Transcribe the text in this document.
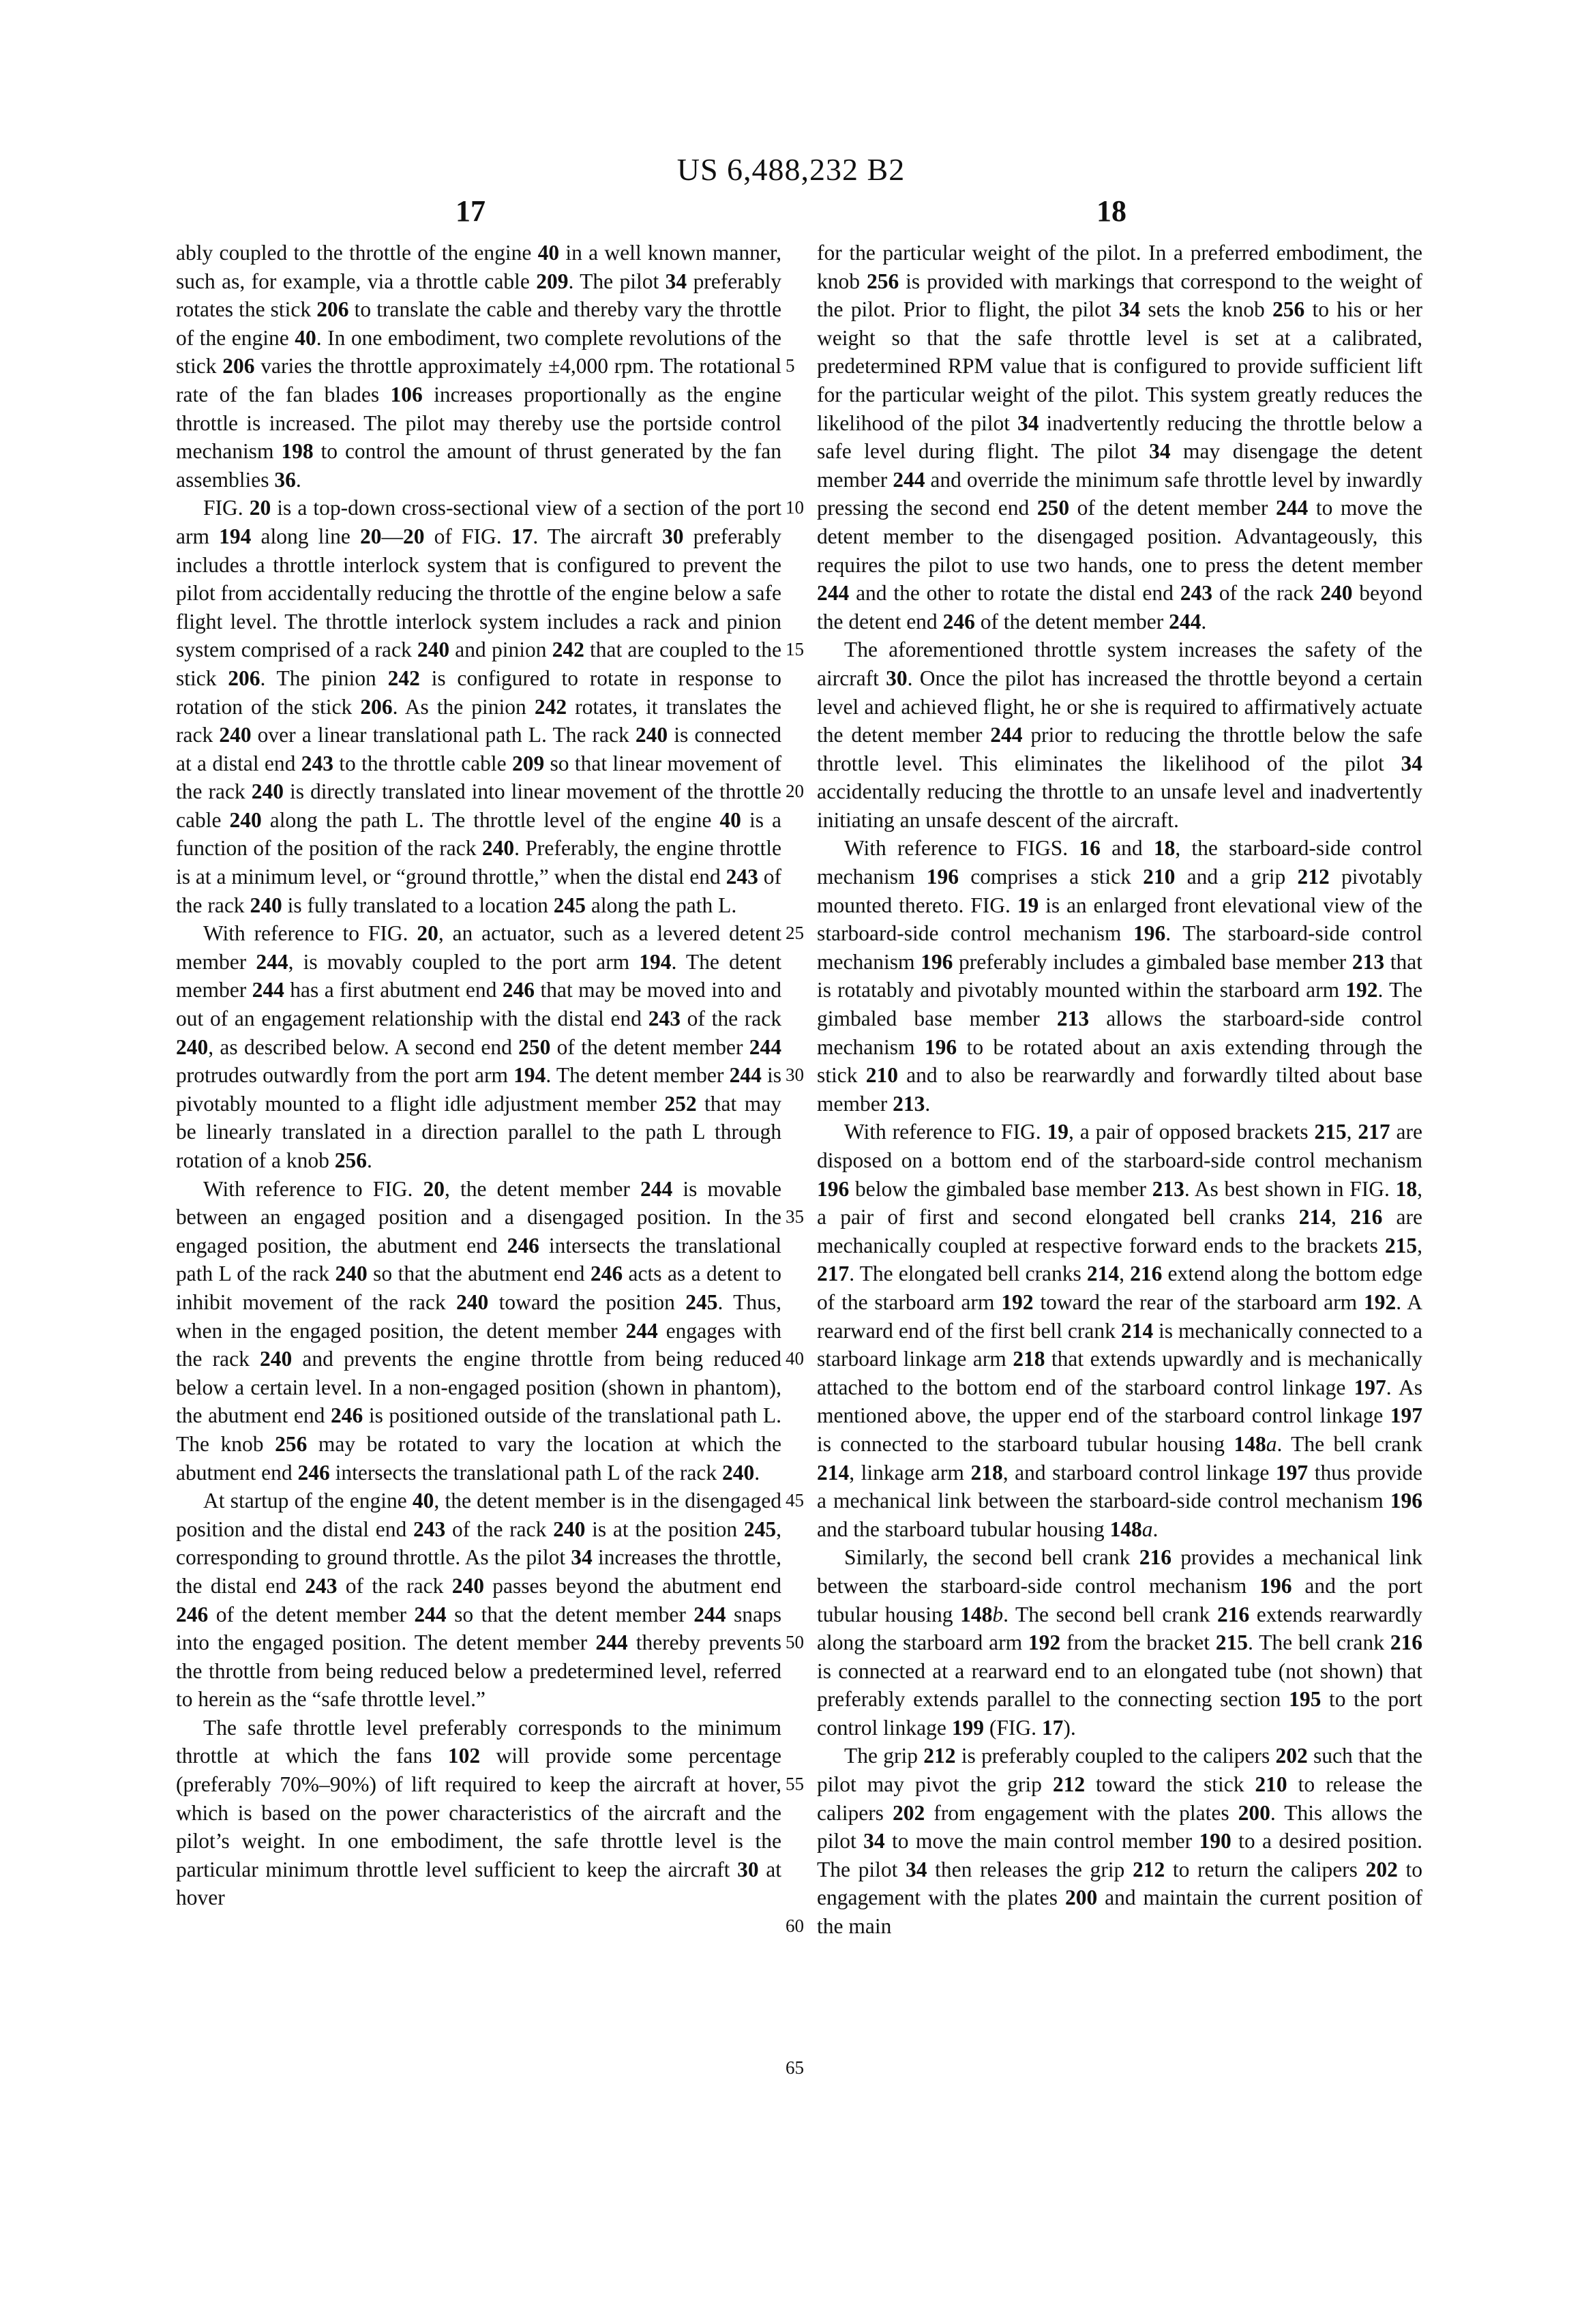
US 6,488,232 B2
17	18

ably coupled to the throttle of the engine 40 in a well known manner, such as, for example, via a throttle cable 209. The pilot 34 preferably rotates the stick 206 to translate the cable and thereby vary the throttle of the engine 40. In one embodiment, two complete revolutions of the stick 206 varies the throttle approximately ±4,000 rpm. The rotational rate of the fan blades 106 increases proportionally as the engine throttle is increased. The pilot may thereby use the portside control mechanism 198 to control the amount of thrust generated by the fan assemblies 36.

FIG. 20 is a top-down cross-sectional view of a section of the port arm 194 along line 20—20 of FIG. 17. The aircraft 30 preferably includes a throttle interlock system that is configured to prevent the pilot from accidentally reducing the throttle of the engine below a safe flight level. The throttle interlock system includes a rack and pinion system comprised of a rack 240 and pinion 242 that are coupled to the stick 206. The pinion 242 is configured to rotate in response to rotation of the stick 206. As the pinion 242 rotates, it translates the rack 240 over a linear translational path L. The rack 240 is connected at a distal end 243 to the throttle cable 209 so that linear movement of the rack 240 is directly translated into linear movement of the throttle cable 240 along the path L. The throttle level of the engine 40 is a function of the position of the rack 240. Preferably, the engine throttle is at a minimum level, or “ground throttle,” when the distal end 243 of the rack 240 is fully translated to a location 245 along the path L.

With reference to FIG. 20, an actuator, such as a levered detent member 244, is movably coupled to the port arm 194. The detent member 244 has a first abutment end 246 that may be moved into and out of an engagement relationship with the distal end 243 of the rack 240, as described below. A second end 250 of the detent member 244 protrudes outwardly from the port arm 194. The detent member 244 is pivotably mounted to a flight idle adjustment member 252 that may be linearly translated in a direction parallel to the path L through rotation of a knob 256.

With reference to FIG. 20, the detent member 244 is movable between an engaged position and a disengaged position. In the engaged position, the abutment end 246 intersects the translational path L of the rack 240 so that the abutment end 246 acts as a detent to inhibit movement of the rack 240 toward the position 245. Thus, when in the engaged position, the detent member 244 engages with the rack 240 and prevents the engine throttle from being reduced below a certain level. In a non-engaged position (shown in phantom), the abutment end 246 is positioned outside of the translational path L. The knob 256 may be rotated to vary the location at which the abutment end 246 intersects the translational path L of the rack 240.

At startup of the engine 40, the detent member is in the disengaged position and the distal end 243 of the rack 240 is at the position 245, corresponding to ground throttle. As the pilot 34 increases the throttle, the distal end 243 of the rack 240 passes beyond the abutment end 246 of the detent member 244 so that the detent member 244 snaps into the engaged position. The detent member 244 thereby prevents the throttle from being reduced below a predetermined level, referred to herein as the “safe throttle level.”

The safe throttle level preferably corresponds to the minimum throttle at which the fans 102 will provide some percentage (preferably 70%–90%) of lift required to keep the aircraft at hover, which is based on the power characteristics of the aircraft and the pilot’s weight. In one embodiment, the safe throttle level is the particular minimum throttle level sufficient to keep the aircraft 30 at hover

5
10
15
20
25
30
35
40
45
50
55
60
65

for the particular weight of the pilot. In a preferred embodiment, the knob 256 is provided with markings that correspond to the weight of the pilot. Prior to flight, the pilot 34 sets the knob 256 to his or her weight so that the safe throttle level is set at a calibrated, predetermined RPM value that is configured to provide sufficient lift for the particular weight of the pilot. This system greatly reduces the likelihood of the pilot 34 inadvertently reducing the throttle below a safe level during flight. The pilot 34 may disengage the detent member 244 and override the minimum safe throttle level by inwardly pressing the second end 250 of the detent member 244 to move the detent member to the disengaged position. Advantageously, this requires the pilot to use two hands, one to press the detent member 244 and the other to rotate the distal end 243 of the rack 240 beyond the detent end 246 of the detent member 244.

The aforementioned throttle system increases the safety of the aircraft 30. Once the pilot has increased the throttle beyond a certain level and achieved flight, he or she is required to affirmatively actuate the detent member 244 prior to reducing the throttle below the safe throttle level. This eliminates the likelihood of the pilot 34 accidentally reducing the throttle to an unsafe level and inadvertently initiating an unsafe descent of the aircraft.

With reference to FIGS. 16 and 18, the starboard-side control mechanism 196 comprises a stick 210 and a grip 212 pivotably mounted thereto. FIG. 19 is an enlarged front elevational view of the starboard-side control mechanism 196. The starboard-side control mechanism 196 preferably includes a gimbaled base member 213 that is rotatably and pivotably mounted within the starboard arm 192. The gimbaled base member 213 allows the starboard-side control mechanism 196 to be rotated about an axis extending through the stick 210 and to also be rearwardly and forwardly tilted about base member 213.

With reference to FIG. 19, a pair of opposed brackets 215, 217 are disposed on a bottom end of the starboard-side control mechanism 196 below the gimbaled base member 213. As best shown in FIG. 18, a pair of first and second elongated bell cranks 214, 216 are mechanically coupled at respective forward ends to the brackets 215, 217. The elongated bell cranks 214, 216 extend along the bottom edge of the starboard arm 192 toward the rear of the starboard arm 192. A rearward end of the first bell crank 214 is mechanically connected to a starboard linkage arm 218 that extends upwardly and is mechanically attached to the bottom end of the starboard control linkage 197. As mentioned above, the upper end of the starboard control linkage 197 is connected to the starboard tubular housing 148a. The bell crank 214, linkage arm 218, and starboard control linkage 197 thus provide a mechanical link between the starboard-side control mechanism 196 and the starboard tubular housing 148a.

Similarly, the second bell crank 216 provides a mechanical link between the starboard-side control mechanism 196 and the port tubular housing 148b. The second bell crank 216 extends rearwardly along the starboard arm 192 from the bracket 215. The bell crank 216 is connected at a rearward end to an elongated tube (not shown) that preferably extends parallel to the connecting section 195 to the port control linkage 199 (FIG. 17).

The grip 212 is preferably coupled to the calipers 202 such that the pilot may pivot the grip 212 toward the stick 210 to release the calipers 202 from engagement with the plates 200. This allows the pilot 34 to move the main control member 190 to a desired position. The pilot 34 then releases the grip 212 to return the calipers 202 to engagement with the plates 200 and maintain the current position of the main
